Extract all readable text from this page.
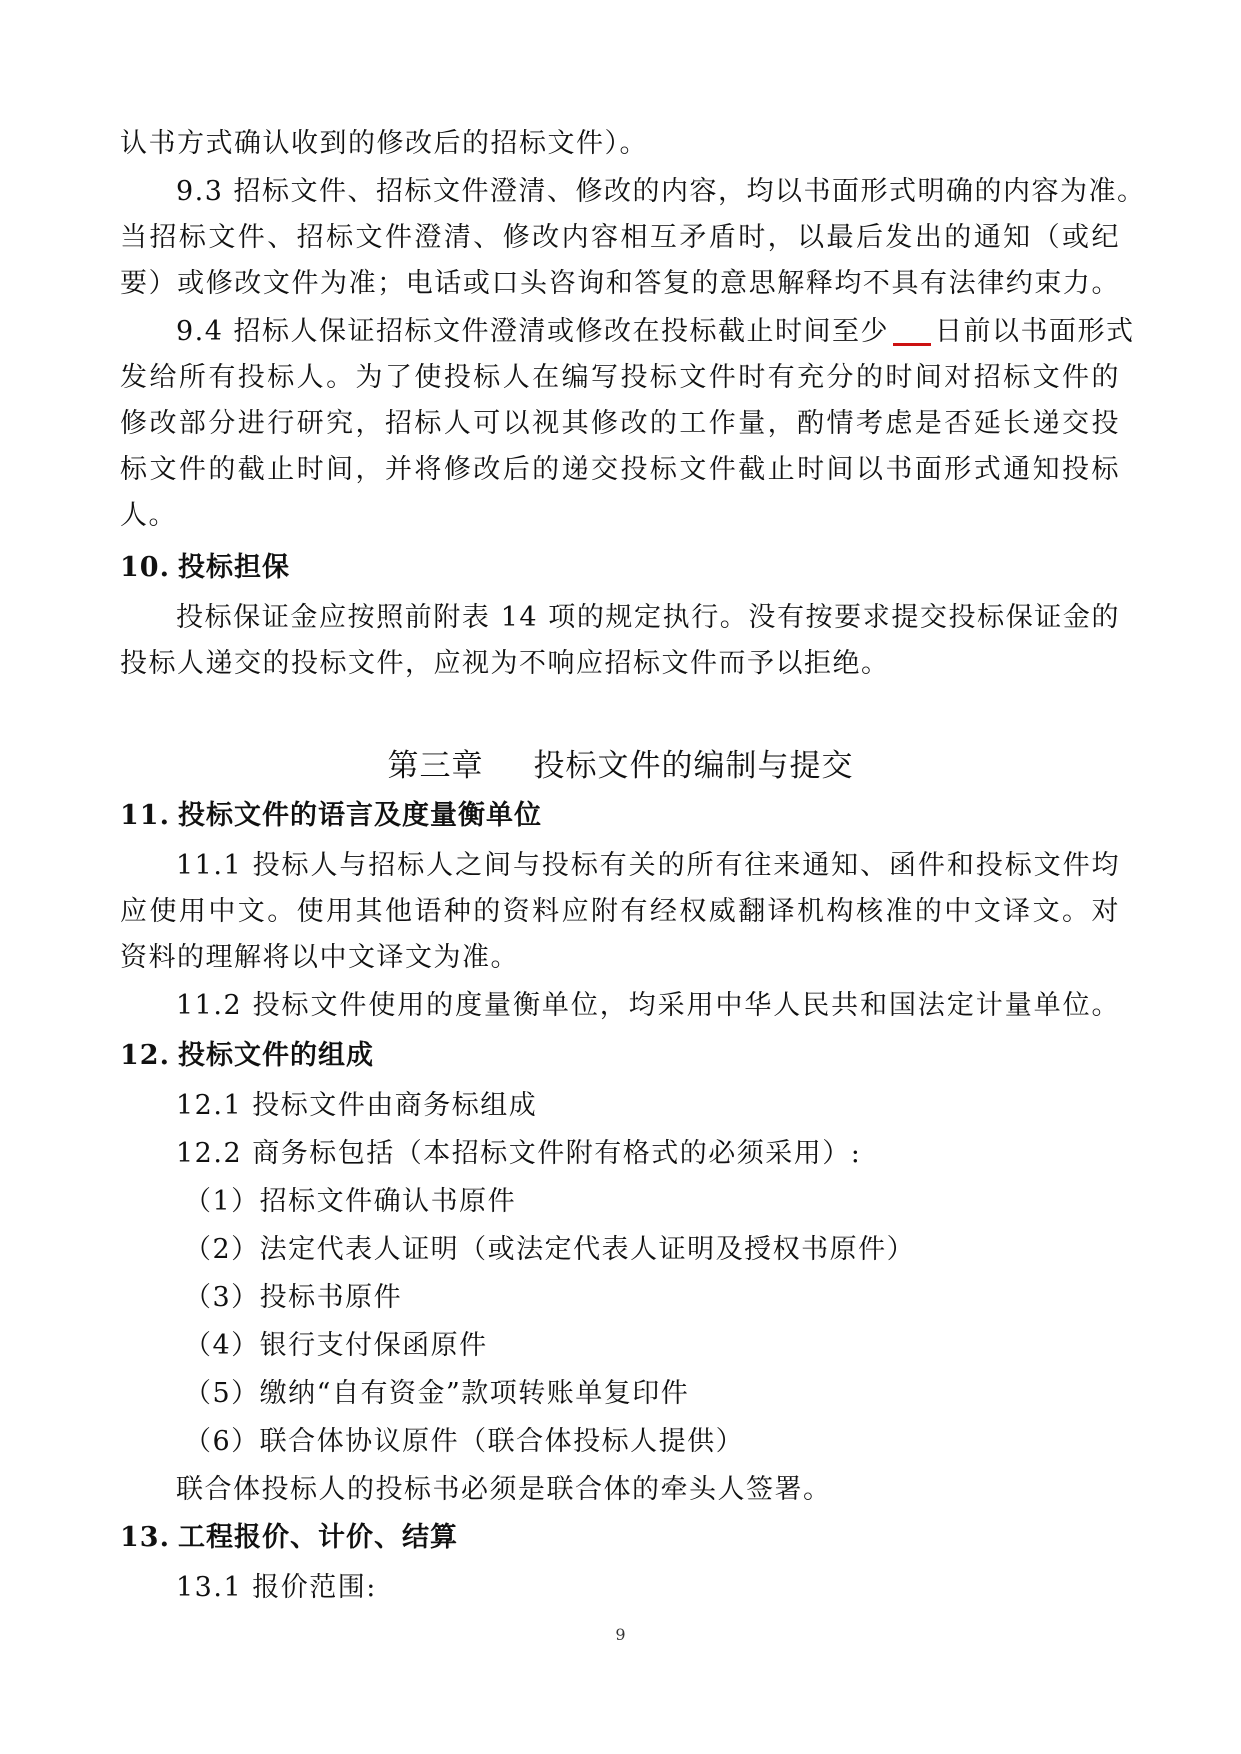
认书方式确认收到的修改后的招标文件）。
9.3 招标文件、招标文件澄清、修改的内容，均以书面形式明确的内容为准。
当招标文件、招标文件澄清、修改内容相互矛盾时，以最后发出的通知（或纪
要）或修改文件为准；电话或口头咨询和答复的意思解释均不具有法律约束力。
9.4 招标人保证招标文件澄清或修改在投标截止时间至少 日前以书面形式
发给所有投标人。为了使投标人在编写投标文件时有充分的时间对招标文件的
修改部分进行研究，招标人可以视其修改的工作量，酌情考虑是否延长递交投
标文件的截止时间，并将修改后的递交投标文件截止时间以书面形式通知投标
人。
10. 投标担保
投标保证金应按照前附表 14 项的规定执行。没有按要求提交投标保证金的
投标人递交的投标文件，应视为不响应招标文件而予以拒绝。
第三章 投标文件的编制与提交
11. 投标文件的语言及度量衡单位
11.1 投标人与招标人之间与投标有关的所有往来通知、函件和投标文件均
应使用中文。使用其他语种的资料应附有经权威翻译机构核准的中文译文。对
资料的理解将以中文译文为准。
11.2 投标文件使用的度量衡单位，均采用中华人民共和国法定计量单位。
12. 投标文件的组成
12.1 投标文件由商务标组成
12.2 商务标包括（本招标文件附有格式的必须采用）:
（1）招标文件确认书原件
（2）法定代表人证明（或法定代表人证明及授权书原件）
（3）投标书原件
（4）银行支付保函原件
（5）缴纳“自有资金”款项转账单复印件
（6）联合体协议原件（联合体投标人提供）
联合体投标人的投标书必须是联合体的牵头人签署。
13. 工程报价、计价、结算
13.1 报价范围:
9
